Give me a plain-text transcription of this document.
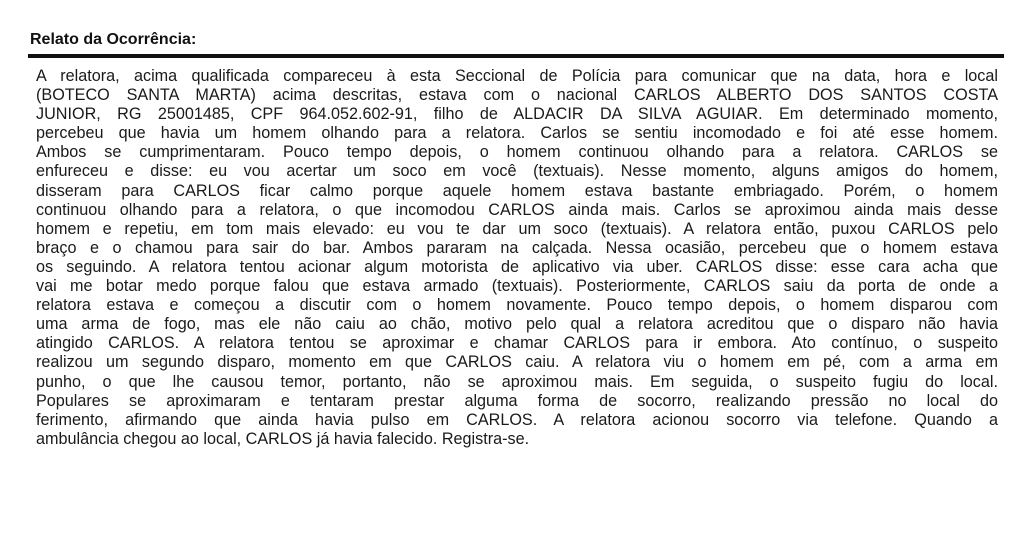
Relato da Ocorrência:
A relatora, acima qualificada compareceu à esta Seccional de Polícia para comunicar que na data, hora e local
(BOTECO SANTA MARTA) acima descritas, estava com o nacional CARLOS ALBERTO DOS SANTOS COSTA
JUNIOR, RG 25001485, CPF 964.052.602-91, filho de ALDACIR DA SILVA AGUIAR. Em determinado momento,
percebeu que havia um homem olhando para a relatora. Carlos se sentiu incomodado e foi até esse homem.
Ambos se cumprimentaram. Pouco tempo depois, o homem continuou olhando para a relatora. CARLOS se
enfureceu e disse: eu vou acertar um soco em você (textuais). Nesse momento, alguns amigos do homem,
disseram para CARLOS ficar calmo porque aquele homem estava bastante embriagado. Porém, o homem
continuou olhando para a relatora, o que incomodou CARLOS ainda mais. Carlos se aproximou ainda mais desse
homem e repetiu, em tom mais elevado: eu vou te dar um soco (textuais). A relatora então, puxou CARLOS pelo
braço e o chamou para sair do bar. Ambos pararam na calçada. Nessa ocasião, percebeu que o homem estava
os seguindo. A relatora tentou acionar algum motorista de aplicativo via uber. CARLOS disse: esse cara acha que
vai me botar medo porque falou que estava armado (textuais). Posteriormente, CARLOS saiu da porta de onde a
relatora estava e começou a discutir com o homem novamente. Pouco tempo depois, o homem disparou com
uma arma de fogo, mas ele não caiu ao chão, motivo pelo qual a relatora acreditou que o disparo não havia
atingido CARLOS. A relatora tentou se aproximar e chamar CARLOS para ir embora. Ato contínuo, o suspeito
realizou um segundo disparo, momento em que CARLOS caiu. A relatora viu o homem em pé, com a arma em
punho, o que lhe causou temor, portanto, não se aproximou mais. Em seguida, o suspeito fugiu do local.
Populares se aproximaram e tentaram prestar alguma forma de socorro, realizando pressão no local do
ferimento, afirmando que ainda havia pulso em CARLOS. A relatora acionou socorro via telefone. Quando a
ambulância chegou ao local, CARLOS já havia falecido. Registra-se.
